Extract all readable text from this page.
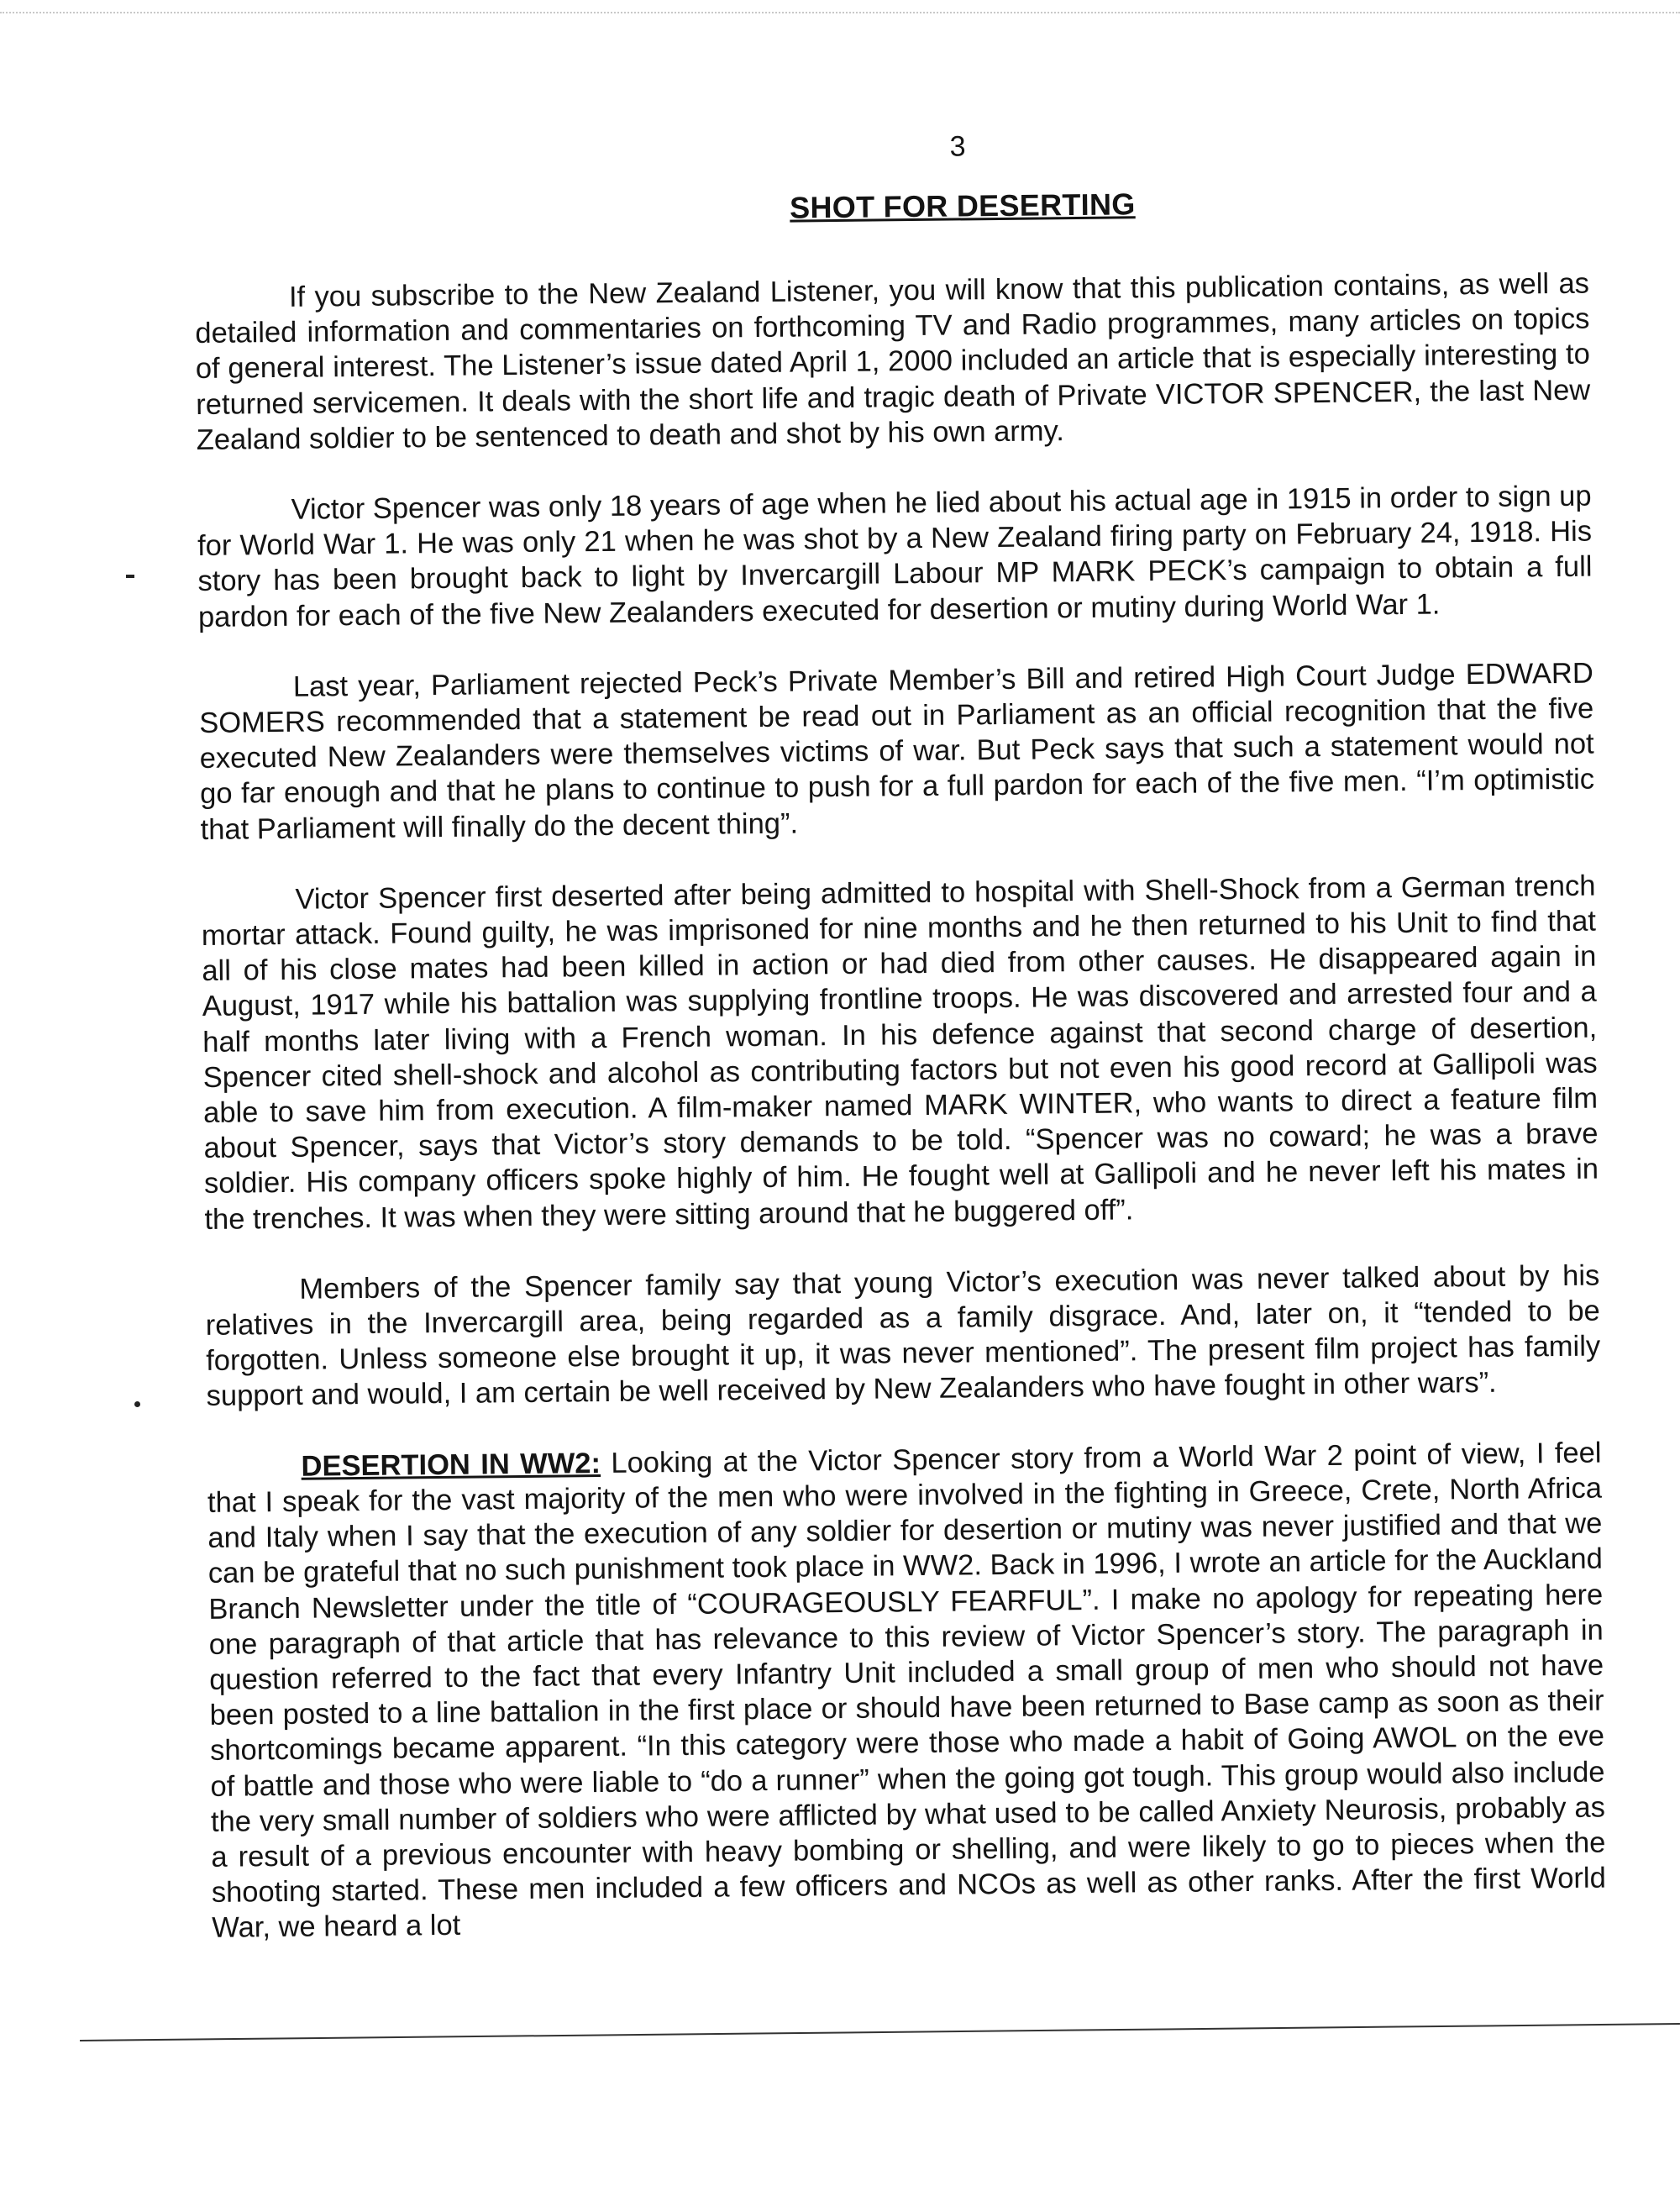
3
SHOT FOR DESERTING

If you subscribe to the New Zealand Listener, you will know that this publication contains, as well as detailed information and commentaries on forthcoming TV and Radio programmes, many articles on topics of general interest. The Listener’s issue dated April 1, 2000 included an article that is especially interesting to returned servicemen. It deals with the short life and tragic death of Private VICTOR SPENCER, the last New Zealand soldier to be sentenced to death and shot by his own army.

Victor Spencer was only 18 years of age when he lied about his actual age in 1915 in order to sign up for World War 1. He was only 21 when he was shot by a New Zealand firing party on February 24, 1918. His story has been brought back to light by Invercargill Labour MP MARK PECK’s campaign to obtain a full pardon for each of the five New Zealanders executed for desertion or mutiny during World War 1.

Last year, Parliament rejected Peck’s Private Member’s Bill and retired High Court Judge EDWARD SOMERS recommended that a statement be read out in Parliament as an official recognition that the five executed New Zealanders were themselves victims of war. But Peck says that such a statement would not go far enough and that he plans to continue to push for a full pardon for each of the five men. “I’m optimistic that Parliament will finally do the decent thing”.

Victor Spencer first deserted after being admitted to hospital with Shell-Shock from a German trench mortar attack. Found guilty, he was imprisoned for nine months and he then returned to his Unit to find that all of his close mates had been killed in action or had died from other causes. He disappeared again in August, 1917 while his battalion was supplying frontline troops. He was discovered and arrested four and a half months later living with a French woman. In his defence against that second charge of desertion, Spencer cited shell-shock and alcohol as contributing factors but not even his good record at Gallipoli was able to save him from execution. A film-maker named MARK WINTER, who wants to direct a feature film about Spencer, says that Victor’s story demands to be told. “Spencer was no coward; he was a brave soldier. His company officers spoke highly of him. He fought well at Gallipoli and he never left his mates in the trenches. It was when they were sitting around that he buggered off”.

Members of the Spencer family say that young Victor’s execution was never talked about by his relatives in the Invercargill area, being regarded as a family disgrace. And, later on, it “tended to be forgotten. Unless someone else brought it up, it was never mentioned”. The present film project has family support and would, I am certain be well received by New Zealanders who have fought in other wars”.

DESERTION IN WW2: Looking at the Victor Spencer story from a World War 2 point of view, I feel that I speak for the vast majority of the men who were involved in the fighting in Greece, Crete, North Africa and Italy when I say that the execution of any soldier for desertion or mutiny was never justified and that we can be grateful that no such punishment took place in WW2. Back in 1996, I wrote an article for the Auckland Branch Newsletter under the title of “COURAGEOUSLY FEARFUL”. I make no apology for repeating here one paragraph of that article that has relevance to this review of Victor Spencer’s story. The paragraph in question referred to the fact that every Infantry Unit included a small group of men who should not have been posted to a line battalion in the first place or should have been returned to Base camp as soon as their shortcomings became apparent. “In this category were those who made a habit of Going AWOL on the eve of battle and those who were liable to “do a runner” when the going got tough. This group would also include the very small number of soldiers who were afflicted by what used to be called Anxiety Neurosis, probably as a result of a previous encounter with heavy bombing or shelling, and were likely to go to pieces when the shooting started. These men included a few officers and NCOs as well as other ranks. After the first World War, we heard a lot
